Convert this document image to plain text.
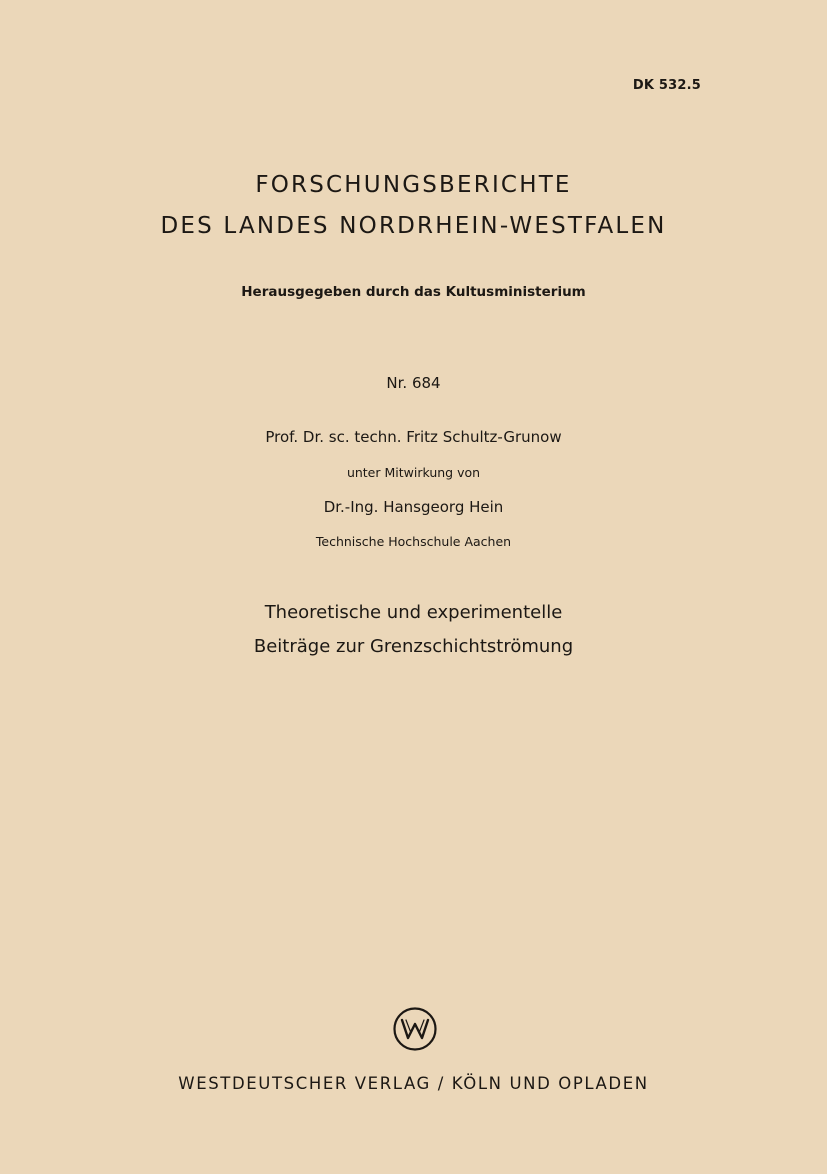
DK 532.5
FORSCHUNGSBERICHTE
DES LANDES NORDRHEIN-WESTFALEN
Herausgegeben durch das Kultusministerium
Nr. 684
Prof. Dr. sc. techn. Fritz Schultz-Grunow
unter Mitwirkung von
Dr.-Ing. Hansgeorg Hein
Technische Hochschule Aachen
Theoretische und experimentelle
Beiträge zur Grenzschichtströmung
WESTDEUTSCHER VERLAG / KÖLN UND OPLADEN
